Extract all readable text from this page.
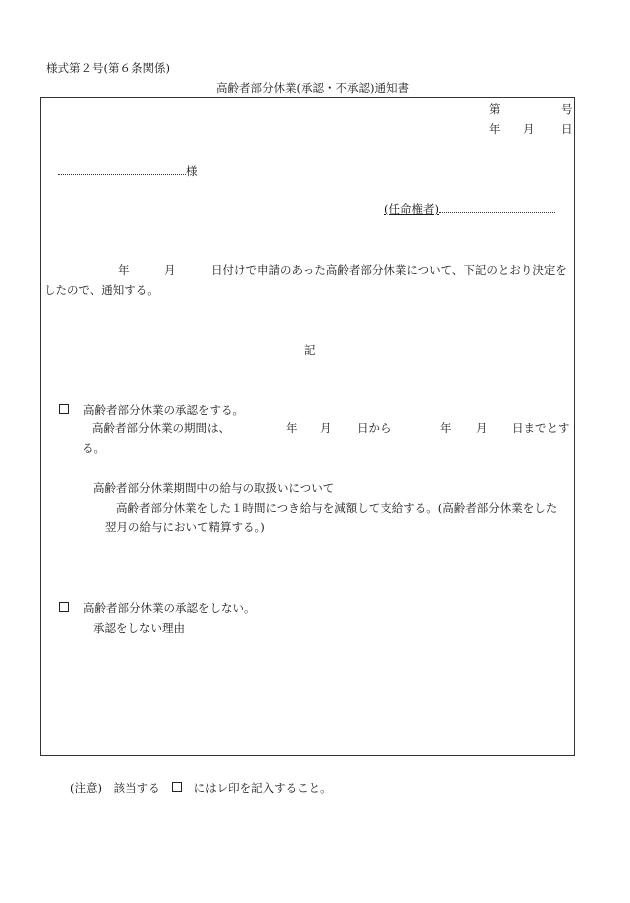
様式第２号(第６条関係)
高齢者部分休業(承認・不承認)通知書
第	号
年 月 日
様
(任命権者)
年	月	日付けで申請のあった高齢者部分休業について、下記のとおり決定を
したので、通知する。
記
高齢者部分休業の承認をする。
高齢者部分休業の期間は、	年 月 日から	年 月 日までとす
る。
高齢者部分休業期間中の給与の取扱いについて
高齢者部分休業をした１時間につき給与を減額して支給する。(高齢者部分休業をした
翌月の給与において精算する。)
高齢者部分休業の承認をしない。
承認をしない理由
(注意) 該当する	にはレ印を記入すること。
